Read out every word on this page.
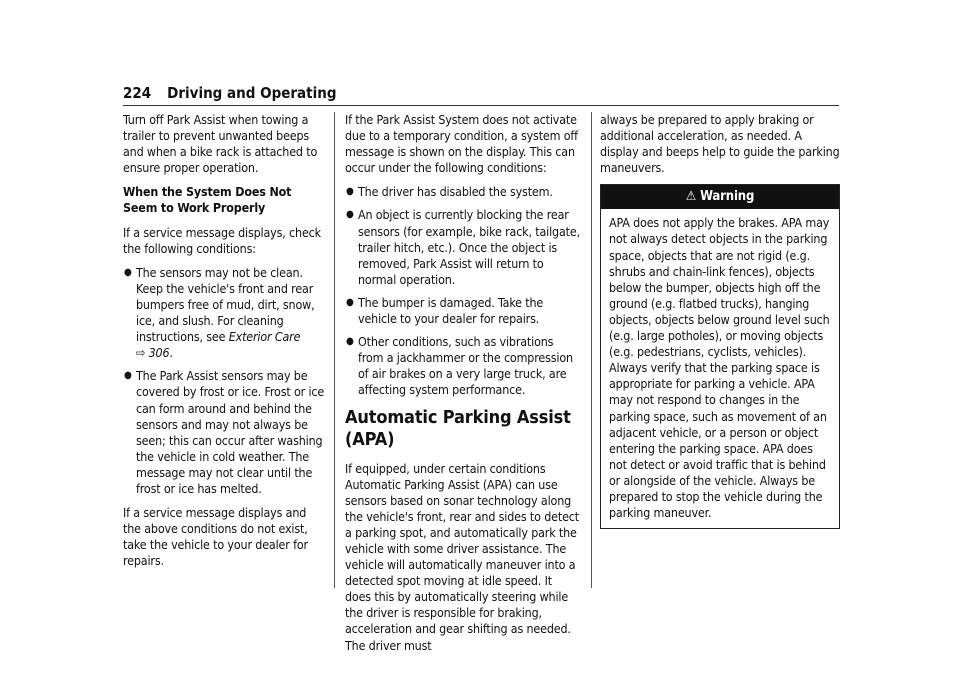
224 Driving and Operating

Turn off Park Assist when towing a trailer to prevent unwanted beeps and when a bike rack is attached to ensure proper operation.

When the System Does Not Seem to Work Properly

If a service message displays, check the following conditions:

● The sensors may not be clean. Keep the vehicle's front and rear bumpers free of mud, dirt, snow, ice, and slush. For cleaning instructions, see Exterior Care
⇨ 306.
● The Park Assist sensors may be covered by frost or ice. Frost or ice can form around and behind the sensors and may not always be seen; this can occur after washing the vehicle in cold weather. The message may not clear until the frost or ice has melted.

If a service message displays and the above conditions do not exist, take the vehicle to your dealer for repairs.

If the Park Assist System does not activate due to a temporary condition, a system off message is shown on the display. This can occur under the following conditions:

● The driver has disabled the system.
● An object is currently blocking the rear sensors (for example, bike rack, tailgate, trailer hitch, etc.). Once the object is removed, Park Assist will return to normal operation.
● The bumper is damaged. Take the vehicle to your dealer for repairs.
● Other conditions, such as vibrations from a jackhammer or the compression of air brakes on a very large truck, are affecting system performance.
Automatic Parking Assist (APA)

If equipped, under certain conditions Automatic Parking Assist (APA) can use sensors based on sonar technology along the vehicle's front, rear and sides to detect a parking spot, and automatically park the vehicle with some driver assistance. The vehicle will automatically maneuver into a detected spot moving at idle speed. It does this by automatically steering while the driver is responsible for braking, acceleration and gear shifting as needed. The driver must

always be prepared to apply braking or additional acceleration, as needed. A display and beeps help to guide the parking maneuvers.

⚠ Warning
APA does not apply the brakes. APA may not always detect objects in the parking space, objects that are not rigid (e.g. shrubs and chain-link fences), objects below the bumper, objects high off the ground (e.g. flatbed trucks), hanging objects, objects below ground level such (e.g. large potholes), or moving objects (e.g. pedestrians, cyclists, vehicles). Always verify that the parking space is appropriate for parking a vehicle. APA may not respond to changes in the parking space, such as movement of an adjacent vehicle, or a person or object entering the parking space. APA does not detect or avoid traffic that is behind or alongside of the vehicle. Always be prepared to stop the vehicle during the parking maneuver.
